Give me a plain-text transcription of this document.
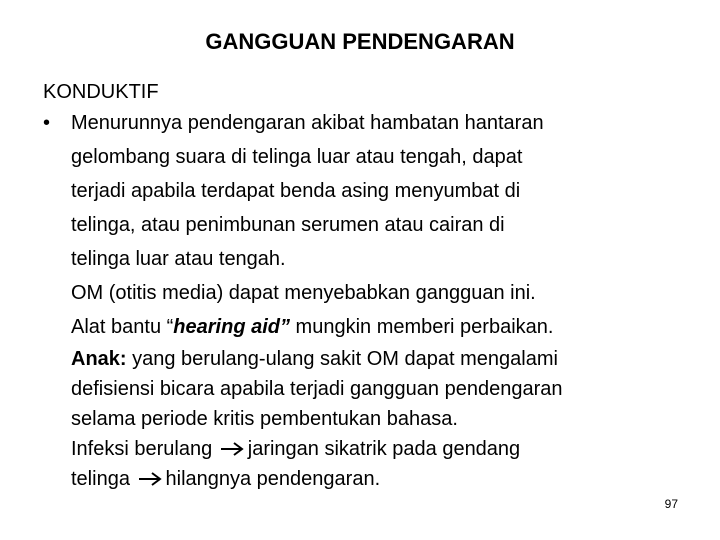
GANGGUAN PENDENGARAN
KONDUKTIF
• Menurunnya pendengaran akibat hambatan hantaran
gelombang suara di telinga luar atau tengah, dapat
terjadi apabila terdapat benda asing menyumbat di
telinga, atau penimbunan serumen atau cairan di
telinga luar atau tengah.
OM (otitis media) dapat menyebabkan gangguan ini.
Alat bantu “hearing aid” mungkin memberi perbaikan.
Anak: yang berulang-ulang sakit OM dapat mengalami
defisiensi bicara apabila terjadi gangguan pendengaran
selama periode kritis pembentukan bahasa.
Infeksi berulang
jaringan sikatrik pada gendang
telinga
hilangnya pendengaran.
97
